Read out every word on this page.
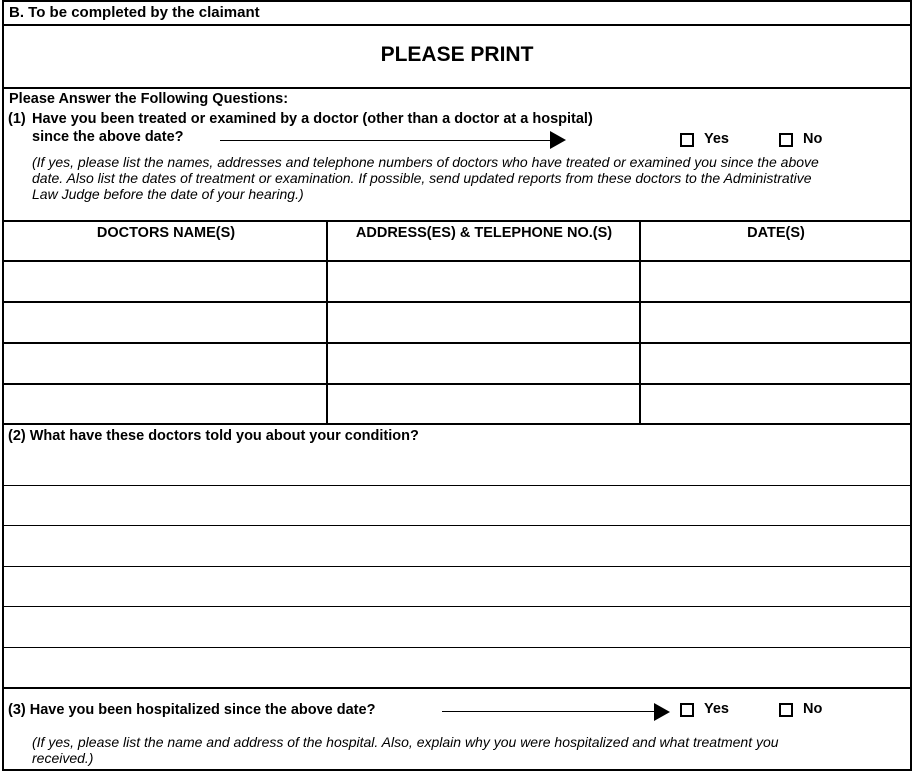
B. To be completed by the claimant
PLEASE PRINT
Please Answer the Following Questions:
(1) Have you been treated or examined by a doctor (other than a doctor at a hospital)
since the above date?	Yes	No
(If yes, please list the names, addresses and telephone numbers of doctors who have treated or examined you since the above
date. Also list the dates of treatment or examination. If possible, send updated reports from these doctors to the Administrative
Law Judge before the date of your hearing.)
DOCTORS NAME(S)	ADDRESS(ES) & TELEPHONE NO.(S)	DATE(S)
(2) What have these doctors told you about your condition?
(3) Have you been hospitalized since the above date?	Yes	No
(If yes, please list the name and address of the hospital. Also, explain why you were hospitalized and what treatment you
received.)
